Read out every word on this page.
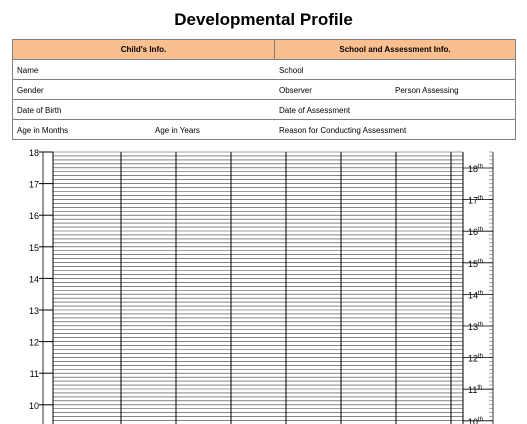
Developmental Profile
Child's Info.	School and Assessment Info.
Name	School
Gender	Observer	Person Assessing
Date of Birth	Date of Assessment
Age in Months	Age in Years	Reason for Conducting Assessment
18
17
16
15
14
13
12
11
10
18th
17th
16th
15th
14th
13th
12th
11th
10th
